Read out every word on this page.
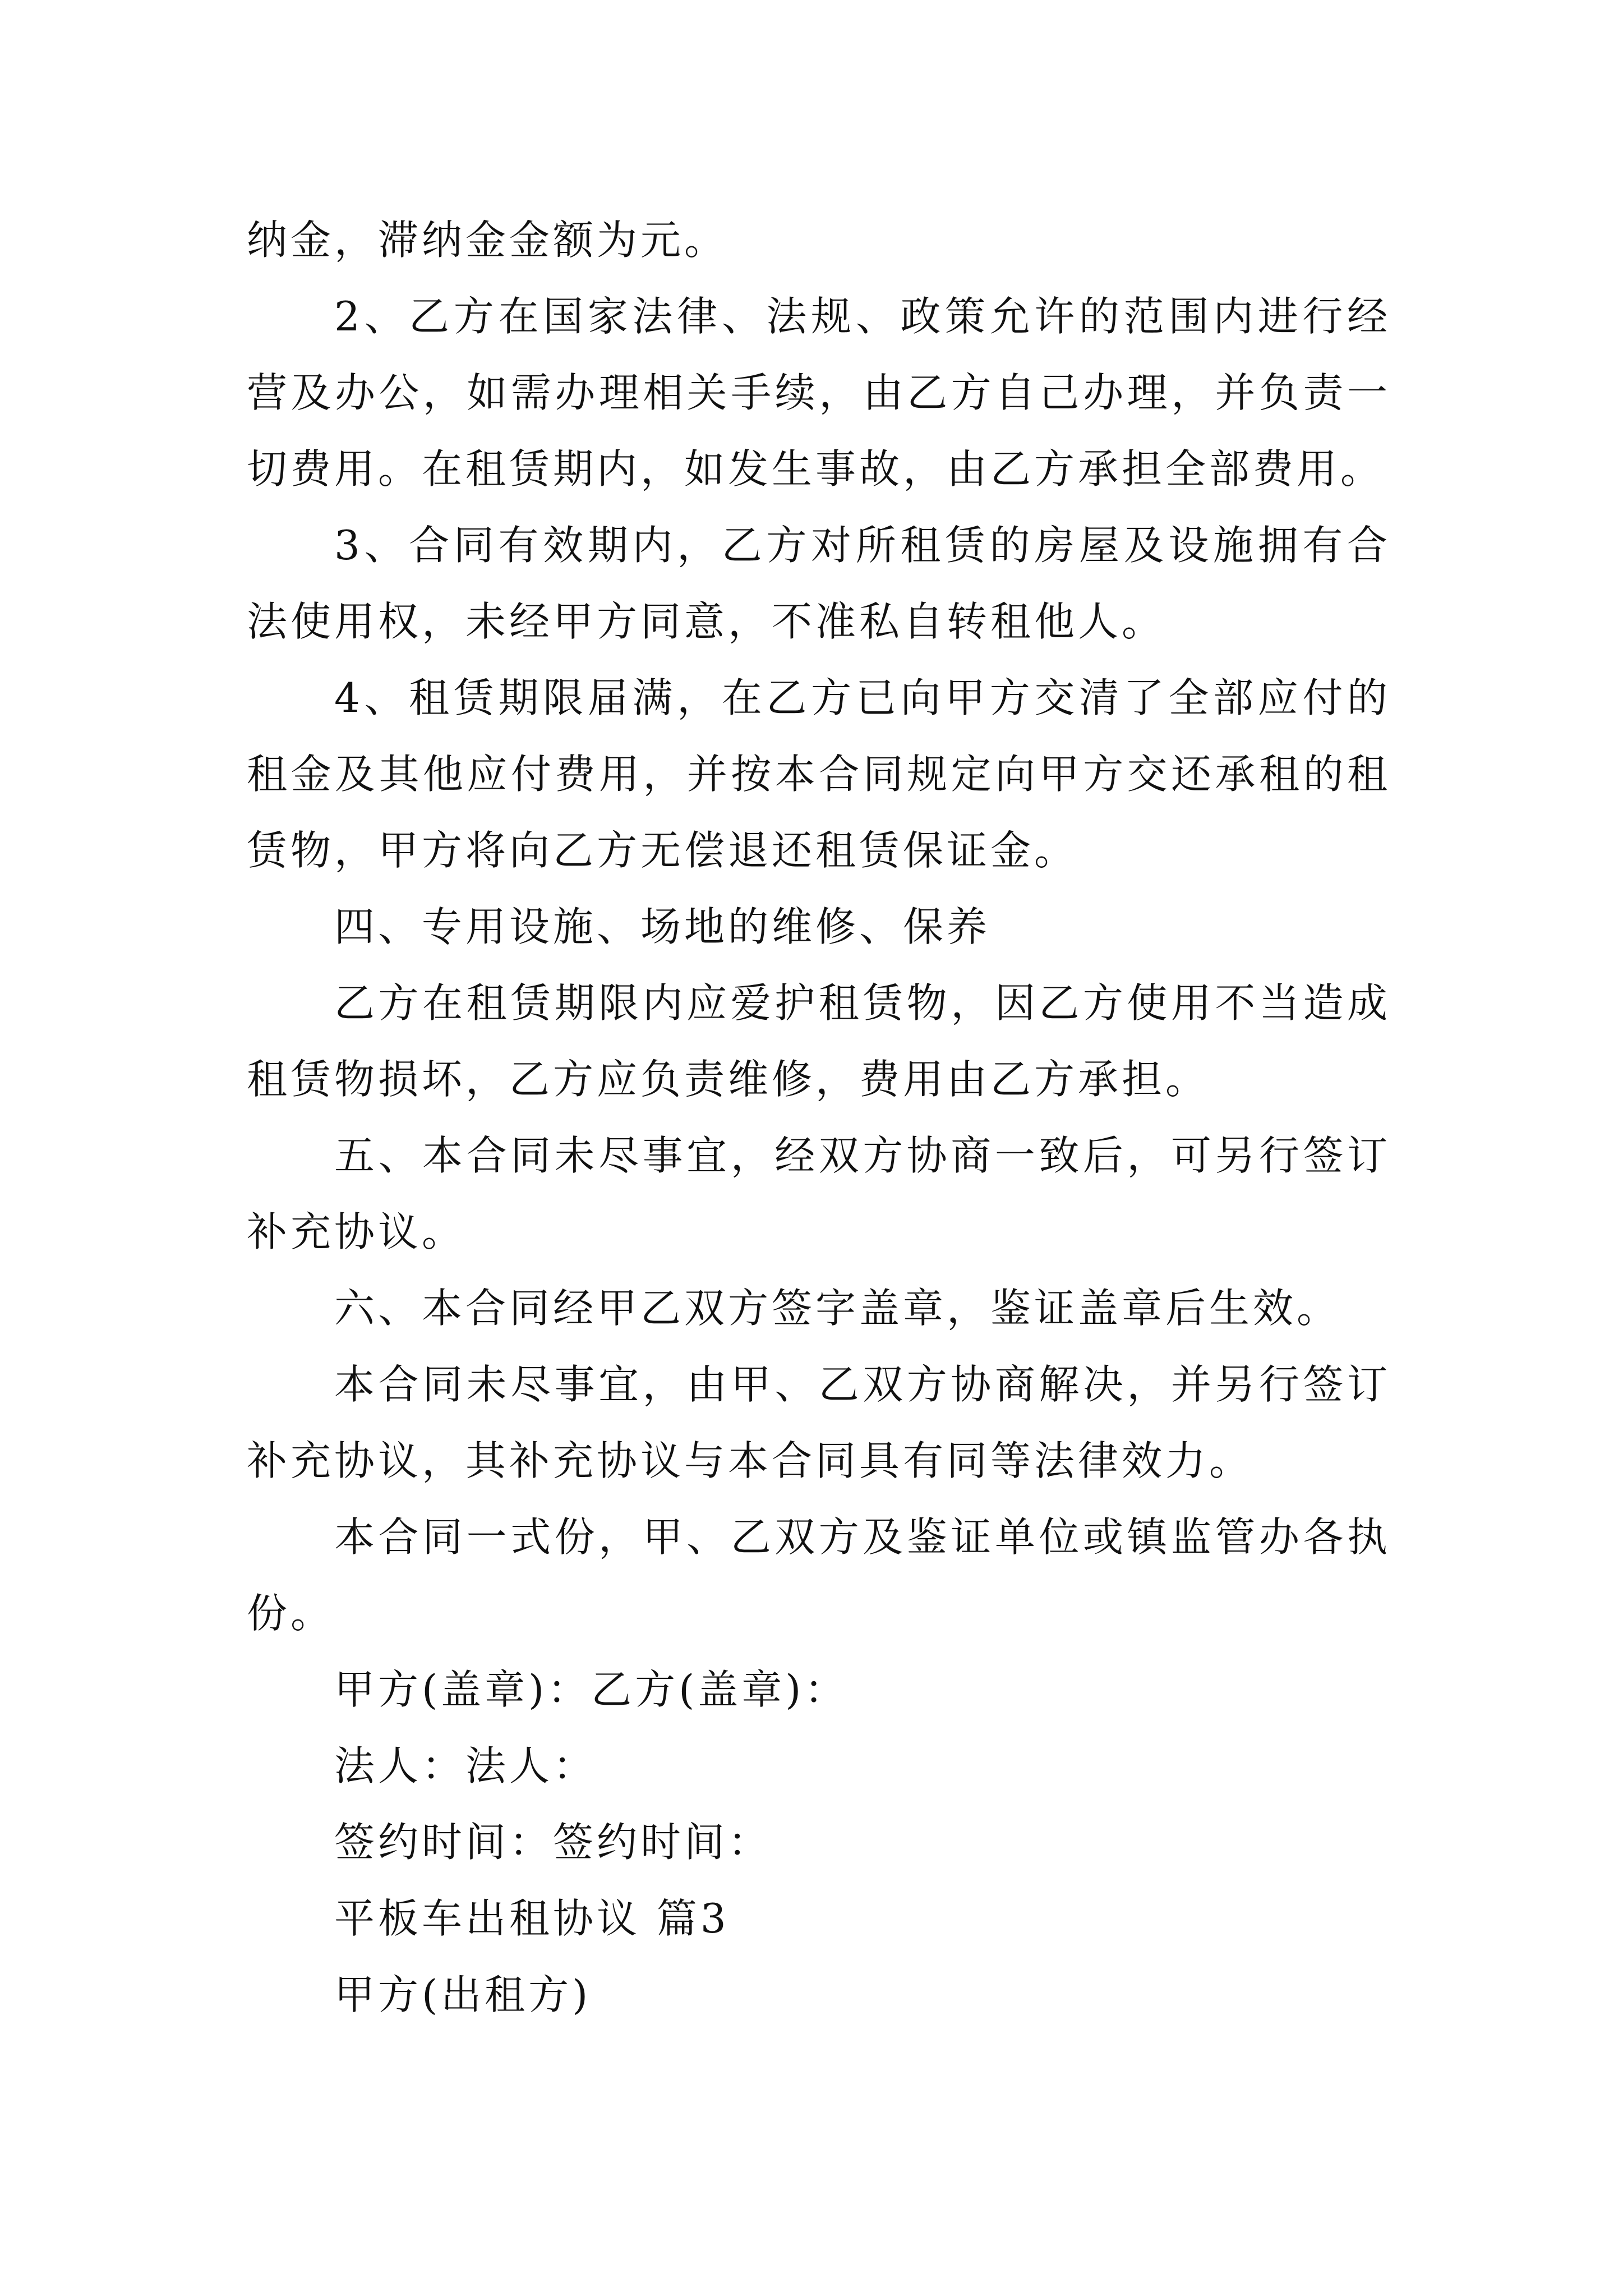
纳金，滞纳金金额为元。

2、乙方在国家法律、法规、政策允许的范围内进行经营及办公，如需办理相关手续，由乙方自己办理，并负责一切费用。在租赁期内，如发生事故，由乙方承担全部费用。

3、合同有效期内，乙方对所租赁的房屋及设施拥有合法使用权，未经甲方同意，不准私自转租他人。

4、租赁期限届满，在乙方已向甲方交清了全部应付的租金及其他应付费用，并按本合同规定向甲方交还承租的租赁物，甲方将向乙方无偿退还租赁保证金。

四、专用设施、场地的维修、保养

乙方在租赁期限内应爱护租赁物，因乙方使用不当造成租赁物损坏，乙方应负责维修，费用由乙方承担。

五、本合同未尽事宜，经双方协商一致后，可另行签订补充协议。

六、本合同经甲乙双方签字盖章，鉴证盖章后生效。

本合同未尽事宜，由甲、乙双方协商解决，并另行签订补充协议，其补充协议与本合同具有同等法律效力。

本合同一式份，甲、乙双方及鉴证单位或镇监管办各执份。

甲方(盖章)：乙方(盖章)：

法人：法人：

签约时间：签约时间：

平板车出租协议 篇3

甲方(出租方)
